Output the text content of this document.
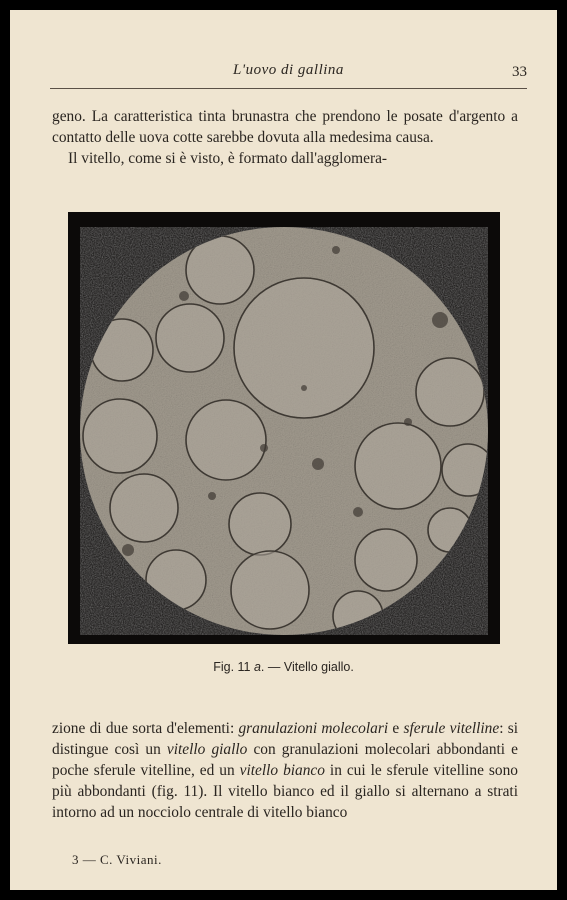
L'uovo di gallina	33

geno. La caratteristica tinta brunastra che prendono le posate d'argento a contatto delle uova cotte sarebbe dovuta alla medesima causa.

Il vitello, come si è visto, è formato dall'agglomera-

Fig. 11 a. — Vitello giallo.

zione di due sorta d'elementi: granulazioni molecolari e sferule vitelline: si distingue così un vitello giallo con granulazioni molecolari abbondanti e poche sferule vitelline, ed un vitello bianco in cui le sferule vitelline sono più abbondanti (fig. 11). Il vitello bianco ed il giallo si alternano a strati intorno ad un nocciolo centrale di vitello bianco

3 — C. Viviani.
